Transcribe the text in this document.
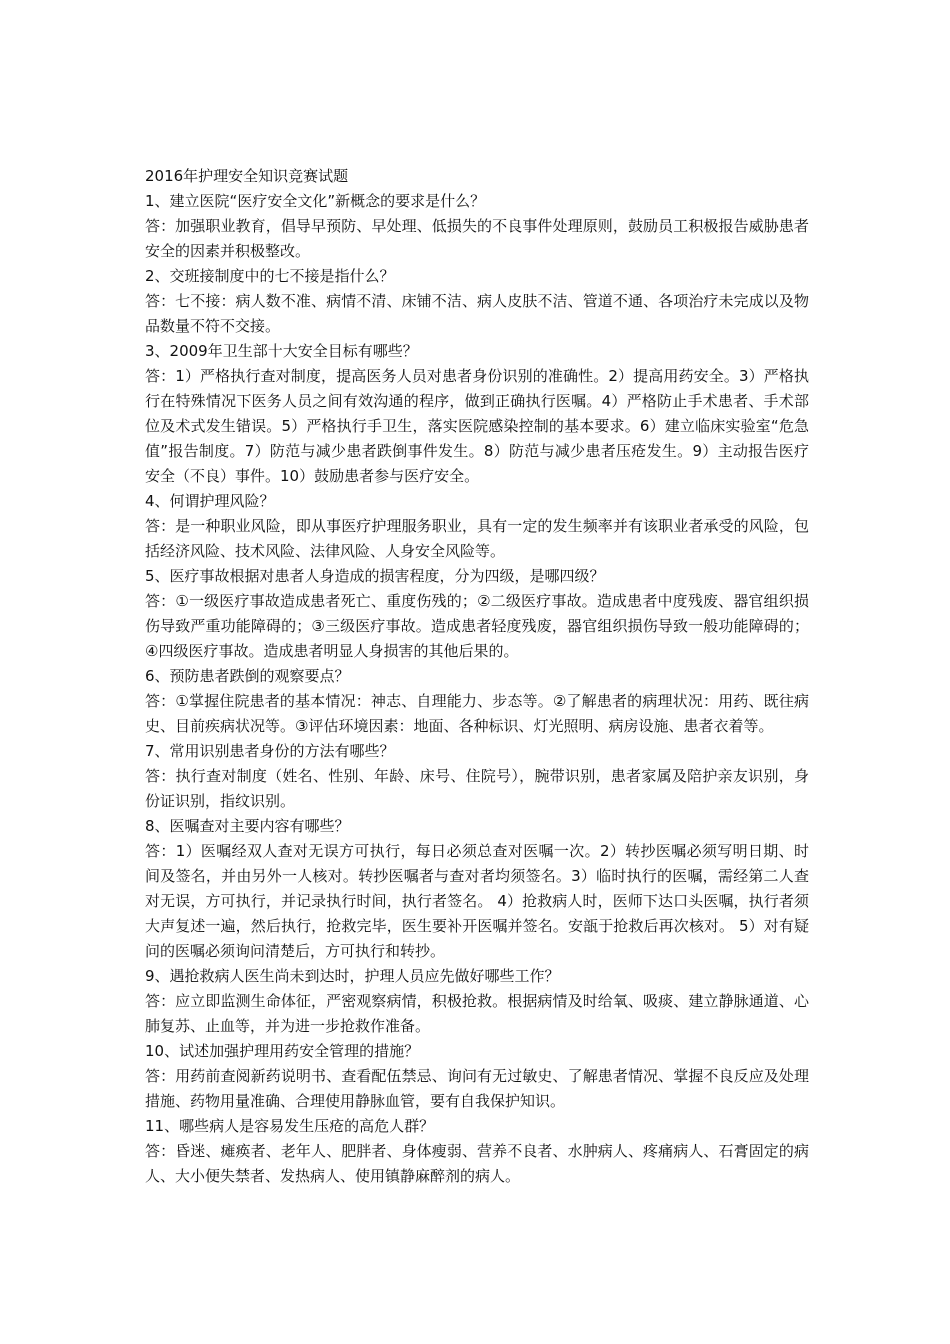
2016年护理安全知识竞赛试题

1、建立医院“医疗安全文化”新概念的要求是什么？

答：加强职业教育，倡导早预防、早处理、低损失的不良事件处理原则，鼓励员工积极报告威胁患者安全的因素并积极整改。

2、交班接制度中的七不接是指什么？

答：七不接：病人数不准、病情不清、床铺不洁、病人皮肤不洁、管道不通、各项治疗未完成以及物品数量不符不交接。

3、2009年卫生部十大安全目标有哪些？

答：1）严格执行查对制度，提高医务人员对患者身份识别的准确性。2）提高用药安全。3）严格执行在特殊情况下医务人员之间有效沟通的程序，做到正确执行医嘱。4）严格防止手术患者、手术部位及术式发生错误。5）严格执行手卫生，落实医院感染控制的基本要求。6）建立临床实验室“危急值”报告制度。7）防范与减少患者跌倒事件发生。8）防范与减少患者压疮发生。9）主动报告医疗安全（不良）事件。10）鼓励患者参与医疗安全。

4、何谓护理风险？

答：是一种职业风险，即从事医疗护理服务职业，具有一定的发生频率并有该职业者承受的风险，包括经济风险、技术风险、法律风险、人身安全风险等。

5、医疗事故根据对患者人身造成的损害程度，分为四级，是哪四级？

答：①一级医疗事故造成患者死亡、重度伤残的；②二级医疗事故。造成患者中度残废、器官组织损伤导致严重功能障碍的；③三级医疗事故。造成患者轻度残废，器官组织损伤导致一般功能障碍的；④四级医疗事故。造成患者明显人身损害的其他后果的。

6、预防患者跌倒的观察要点？

答：①掌握住院患者的基本情况：神志、自理能力、步态等。②了解患者的病理状况：用药、既往病史、目前疾病状况等。③评估环境因素：地面、各种标识、灯光照明、病房设施、患者衣着等。

7、常用识别患者身份的方法有哪些？

答：执行查对制度（姓名、性别、年龄、床号、住院号），腕带识别，患者家属及陪护亲友识别，身份证识别，指纹识别。

8、医嘱查对主要内容有哪些？

答：1）医嘱经双人查对无误方可执行，每日必须总查对医嘱一次。2）转抄医嘱必须写明日期、时间及签名，并由另外一人核对。转抄医嘱者与查对者均须签名。3）临时执行的医嘱，需经第二人查对无误，方可执行，并记录执行时间，执行者签名。 4）抢救病人时，医师下达口头医嘱，执行者须大声复述一遍，然后执行，抢救完毕，医生要补开医嘱并签名。安瓿于抢救后再次核对。 5）对有疑问的医嘱必须询问清楚后，方可执行和转抄。

9、遇抢救病人医生尚未到达时，护理人员应先做好哪些工作？

答：应立即监测生命体征，严密观察病情，积极抢救。根据病情及时给氧、吸痰、建立静脉通道、心肺复苏、止血等，并为进一步抢救作准备。

10、试述加强护理用药安全管理的措施？

答：用药前查阅新药说明书、查看配伍禁忌、询问有无过敏史、了解患者情况、掌握不良反应及处理措施、药物用量准确、合理使用静脉血管，要有自我保护知识。

11、哪些病人是容易发生压疮的高危人群？

答：昏迷、瘫痪者、老年人、肥胖者、身体瘦弱、营养不良者、水肿病人、疼痛病人、石膏固定的病人、大小便失禁者、发热病人、使用镇静麻醉剂的病人。
